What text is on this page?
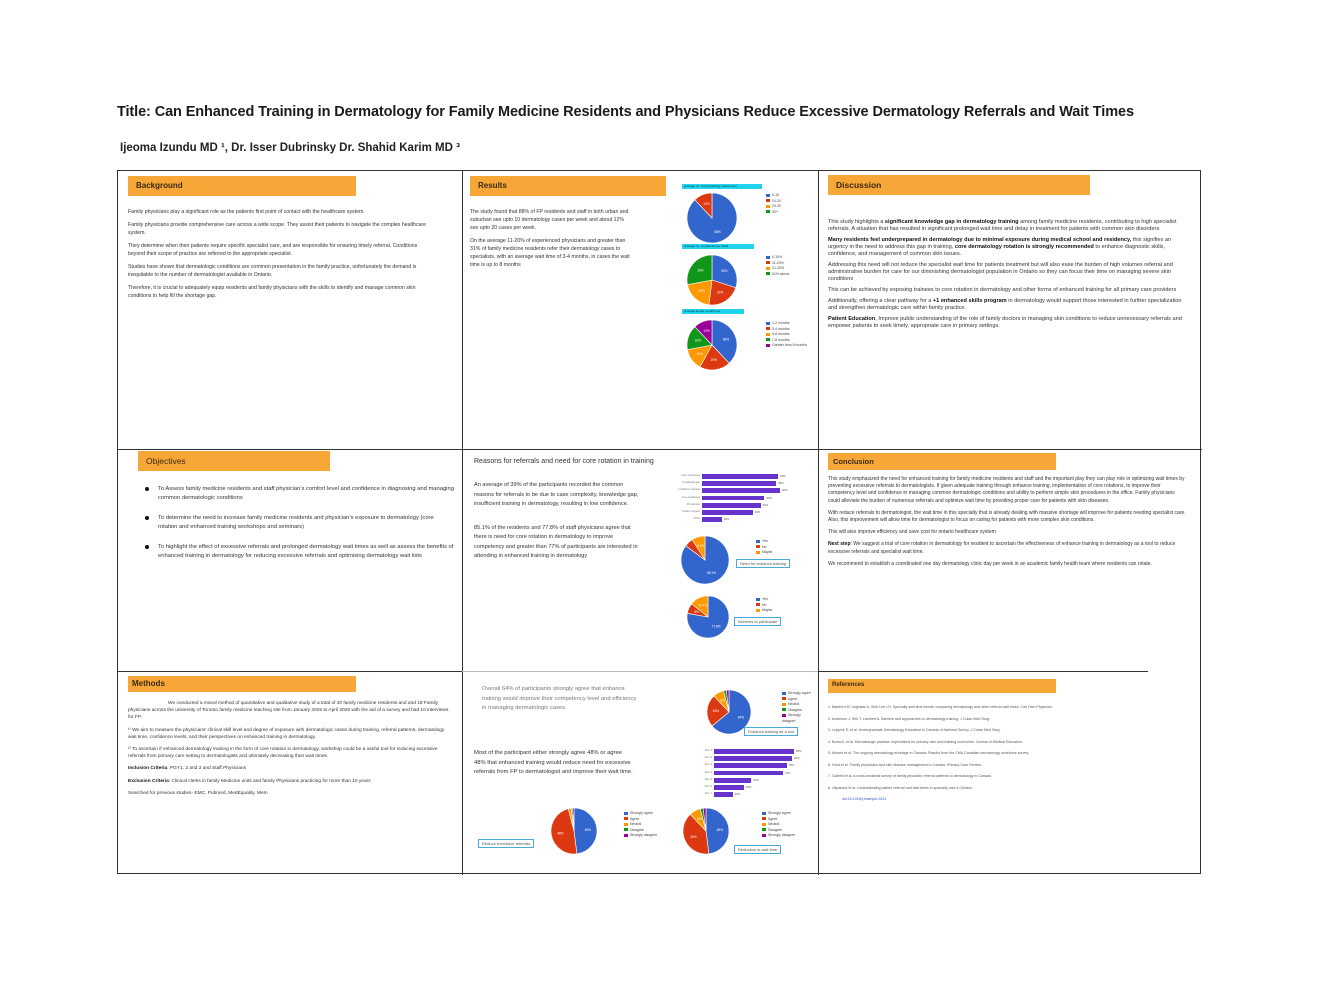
Title: Can Enhanced Training in Dermatology for Family Medicine Residents and Physicians Reduce Excessive Dermatology Referrals and Wait Times
Ijeoma Izundu MD ¹, Dr. Isser Dubrinsky Dr. Shahid Karim MD ³
Background

Family physicians play a significant role as the patients first point of contact with the healthcare system.

Family physicians provide comprehensive care across a wide scope. They assist their patients to navigate the complex healthcare system.

They determine when their patients require specific specialist care, and are responsible for ensuring timely referral. Conditions beyond their scope of practice are referred to the appropriate specialist.

Studies have shown that dermatologic conditions are common presentation in the family practice, unfortunately the demand is inequitable to the number of dermatologist available in Ontario.

Therefore, it is crucial to adequately equip residents and family physicians with the skills to identify and manage common skin conditions to help fill the shortage gap.

Results

The study found that 88% of FP residents and staff in both urban and suburban see upto 10 dermatology cases per week and about 12% see upto 20 cases per week.

On the average 11-20% of experienced physicians and greater than 31% of family medicine residents refer their dermatology cases to specialists, with an average wait time of 3-4 months, in cases the wait time is up to 8 months

Average no. of dermatology cases seen
88%
12%
0-10
10-20
20-30
30+
Average no. of referrals per week
30%
22%
20%
28%
0-10%
11-20%
21-30%
31% above
Average length of wait time
38%
20%
14%
16%
12%
1-2 months
3-4 months
5-6 months
7-8 months
Greater than 8 months
Discussion

This study highlights a significant knowledge gap in dermatology training among family medicine residents, contributing to high specialist referrals. A situation that has resulted in significant prolonged wait time and delay in treatment for patients with common skin disorders.

Many residents feel underprepared in dermatology due to minimal exposure during medical school and residency, this signifies an urgency in the need to address this gap in training, core dermatology rotation is strongly recommended to enhance diagnostic skills, confidence, and management of common skin issues.

Addressing this need will not reduce the specialist wait time for patients treatment but will also ease the burden of high volumes referral and administrative burden for care for our diminishing dermatologist population in Ontario so they can focus their time on managing severe skin conditions

This can be achieved by exposing trainees to core rotation in dermatology and other forms of enhanced training for all primary care providers

Additionally, offering a clear pathway for a +1 enhanced skills program in dermatology would support those interested in further specialization and strengthen dermatologic care within family practice.

Patient Education, Improve public understanding of the role of family doctors in managing skin conditions to reduce unnecessary referrals and empower patients to seek timely, appropriate care in primary settings.

Objectives
To Assess family medicine residents and staff physician’s comfort level and confidence in diagnosing and managing common dermatologic conditions
To determine the need to increase family medicine residents and physician’s exposure to dermatology (core rotation and enhanced training workshops and seminars)
To highlight the effect of excessive referrals and prolonged dermatology wait times as well as assess the benefits of enhanced training in dermatology for reducing excessive referrals and optimising dermatology wait lists
Reasons for referrals and need for core rotation in training

An average of 39% of the participants recorded the common reasons for referrals to be due to case complexity, knowledge gap, insufficient training in dermatology, resulting in low confidence.

85.1% of the residents and 77.8% of staff physicians agree that there is need for core rotation in dermatology to improve competency and greater than 77% of participants are interested in attending in enhanced training in dermatology

Case complexity	39%
Knowledge gap	38%
Insufficient training	40%
Low confidence	32%
Procedures	30%
Patient request	26%
Other	10%
85.1%
8.9%
Yes
No
Maybe
Need for enhance training
77.8%
8%
14.2%
Yes
No
Maybe
Interests to participate
Conclusion

This study emphasized the need for enhanced training for family medicine residents and staff and the important play they can play role in optimizing wait times by preventing excessive referrals to dermatologists. If given adequate training through enhance training, implementation of core rotations, to improve their competency level and confidence in managing common dermatologic conditions and ability to perform simple skin procedures in the office. Family physicians could alleviate the burden of numerous referrals and optimize wait time by providing proper care for patients with skin diseases.

With reduce referrals to dermatologist, the wait time in this specialty that is already dealing with massive shortage will improve for patients needing specialist care. Also, this improvement will allow time for dermatologist to focus on caring for patients with more complex skin conditions.

This will also improve efficiency and save cost for ontario healthcare system

Next step: We suggest a trial of core rotation in dermatology for resident to ascertain the effectiveness of enhance training in dermatology as a tool to reduce excessive referrals and specialist wait time.

We recommend to establish a coordinated one day dermatology clinic day per week in an academic family health team where residents can rotate.

Methods

We conducted a mixed method of quantitative and qualitative study of a total of 40 family medicine residents and and 18 Family physicians across the university of Toronto family medicine teaching site from January 2025 to April 2025 with the aid of a survey and had 10 interviews for FP.

¹⁾ We aim to measure the physicians’ clinical skill level and degree of exposure with dermatologic cases during training, referral patterns, dermatology wait time, confidence levels, and their perspectives on enhanced training in dermatology.

²⁾ To ascertain if enhanced dermatology training in the form of core rotation in dermatology, workshop could be a useful tool for reducing excessive referrals from primary care setting to dermatologists and ultimately decreasing their wait times.

Inclusion Criteria: PGY1, 2 and 3 and Staff Physicians

Exclusion Criteria: Clinical clerks in family Medicine units and family Physicians practicing for more than 10 years

Searched for previous studies- EMC, Pubmed, MedEquality, Mem

Overall 64% of participants strongly agree that enhance training would improve their competency level and efficiency in managing dermatologic cases.
Most of the participant either strongly agree 48% or agree 48% that enhanced training would reduce need for excessive referrals from FP to dermatologist and improve their wait time.
64%
24%
8%
Strongly agree
Agree
Neutral
Disagree
Strongly disagree
Enhance training as a tool
Item 1	86%
Item 2	84%
Item 3	78%
Item 4	74%
Item 5	40%
Item 6	32%
Item 7	20%
48%
48%
Strongly agree
Agree
Neutral
Disagree
Strongly disagree
Reduce excessive referrals
48%
40%
8%
Strongly agree
Agree
Neutral
Disagree
Strongly disagree
Reduction in wait time
References

1. Bamford M, Vogelaar A, Shin Lee LH. Specialty wait time trends: comparing dermatology and other referral wait times. Can Fam Physician.

2. Anderson J, Kirk T, Lambert A. Barriers and approaches to dermatology training. J Cutan Med Surg.

3. Leppink S, et al. Undergraduate Dermatology Education in Canada: A National Survey. J Cutan Med Surg.

4. Buesch, et al. Dermatologic practice: implications for primary care and training curriculum. Journal of Medical Education.

5. Ahmed et al. The ongoing dermatology shortage in Canada: Results from the CMA Canadian dermatology workforce survey.

6. Hurd et al. Family physicians and skin disease management in Canada. Primary Care Review.

7. Gabrell et al. A cross-sectional survey of family physician referral patterns to dermatology in Canada.

8. Ukpakara et al. Understanding patient referral and wait times to specialty care in Ontario.

doi:10.1016/j.example.2024
